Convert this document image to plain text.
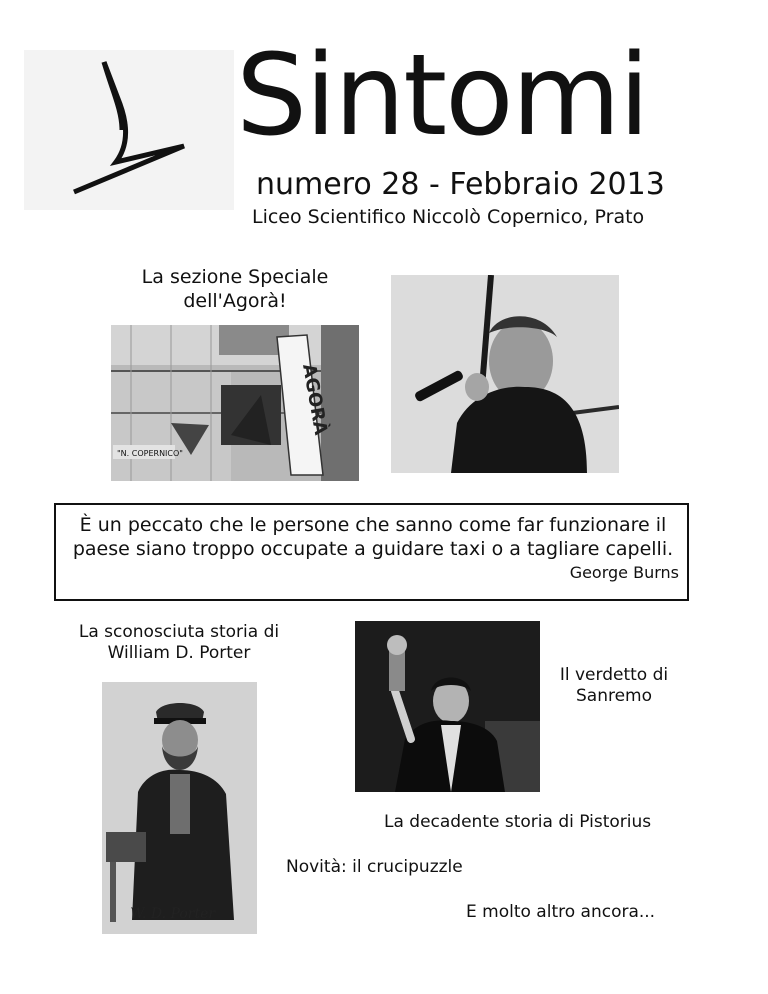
Sintomi
numero 28 - Febbraio 2013
Liceo Scientifico Niccolò Copernico, Prato
La sezione Speciale dell'Agorà!
AGORÀ
"N. COPERNICO"
È un peccato che le persone che sanno come far funzionare il paese siano troppo occupate a guidare taxi o a tagliare capelli.
George Burns
La sconosciuta storia di William D. Porter
W. D. Porter
Il verdetto di Sanremo
La decadente storia di Pistorius
Novità: il crucipuzzle
E molto altro ancora...
